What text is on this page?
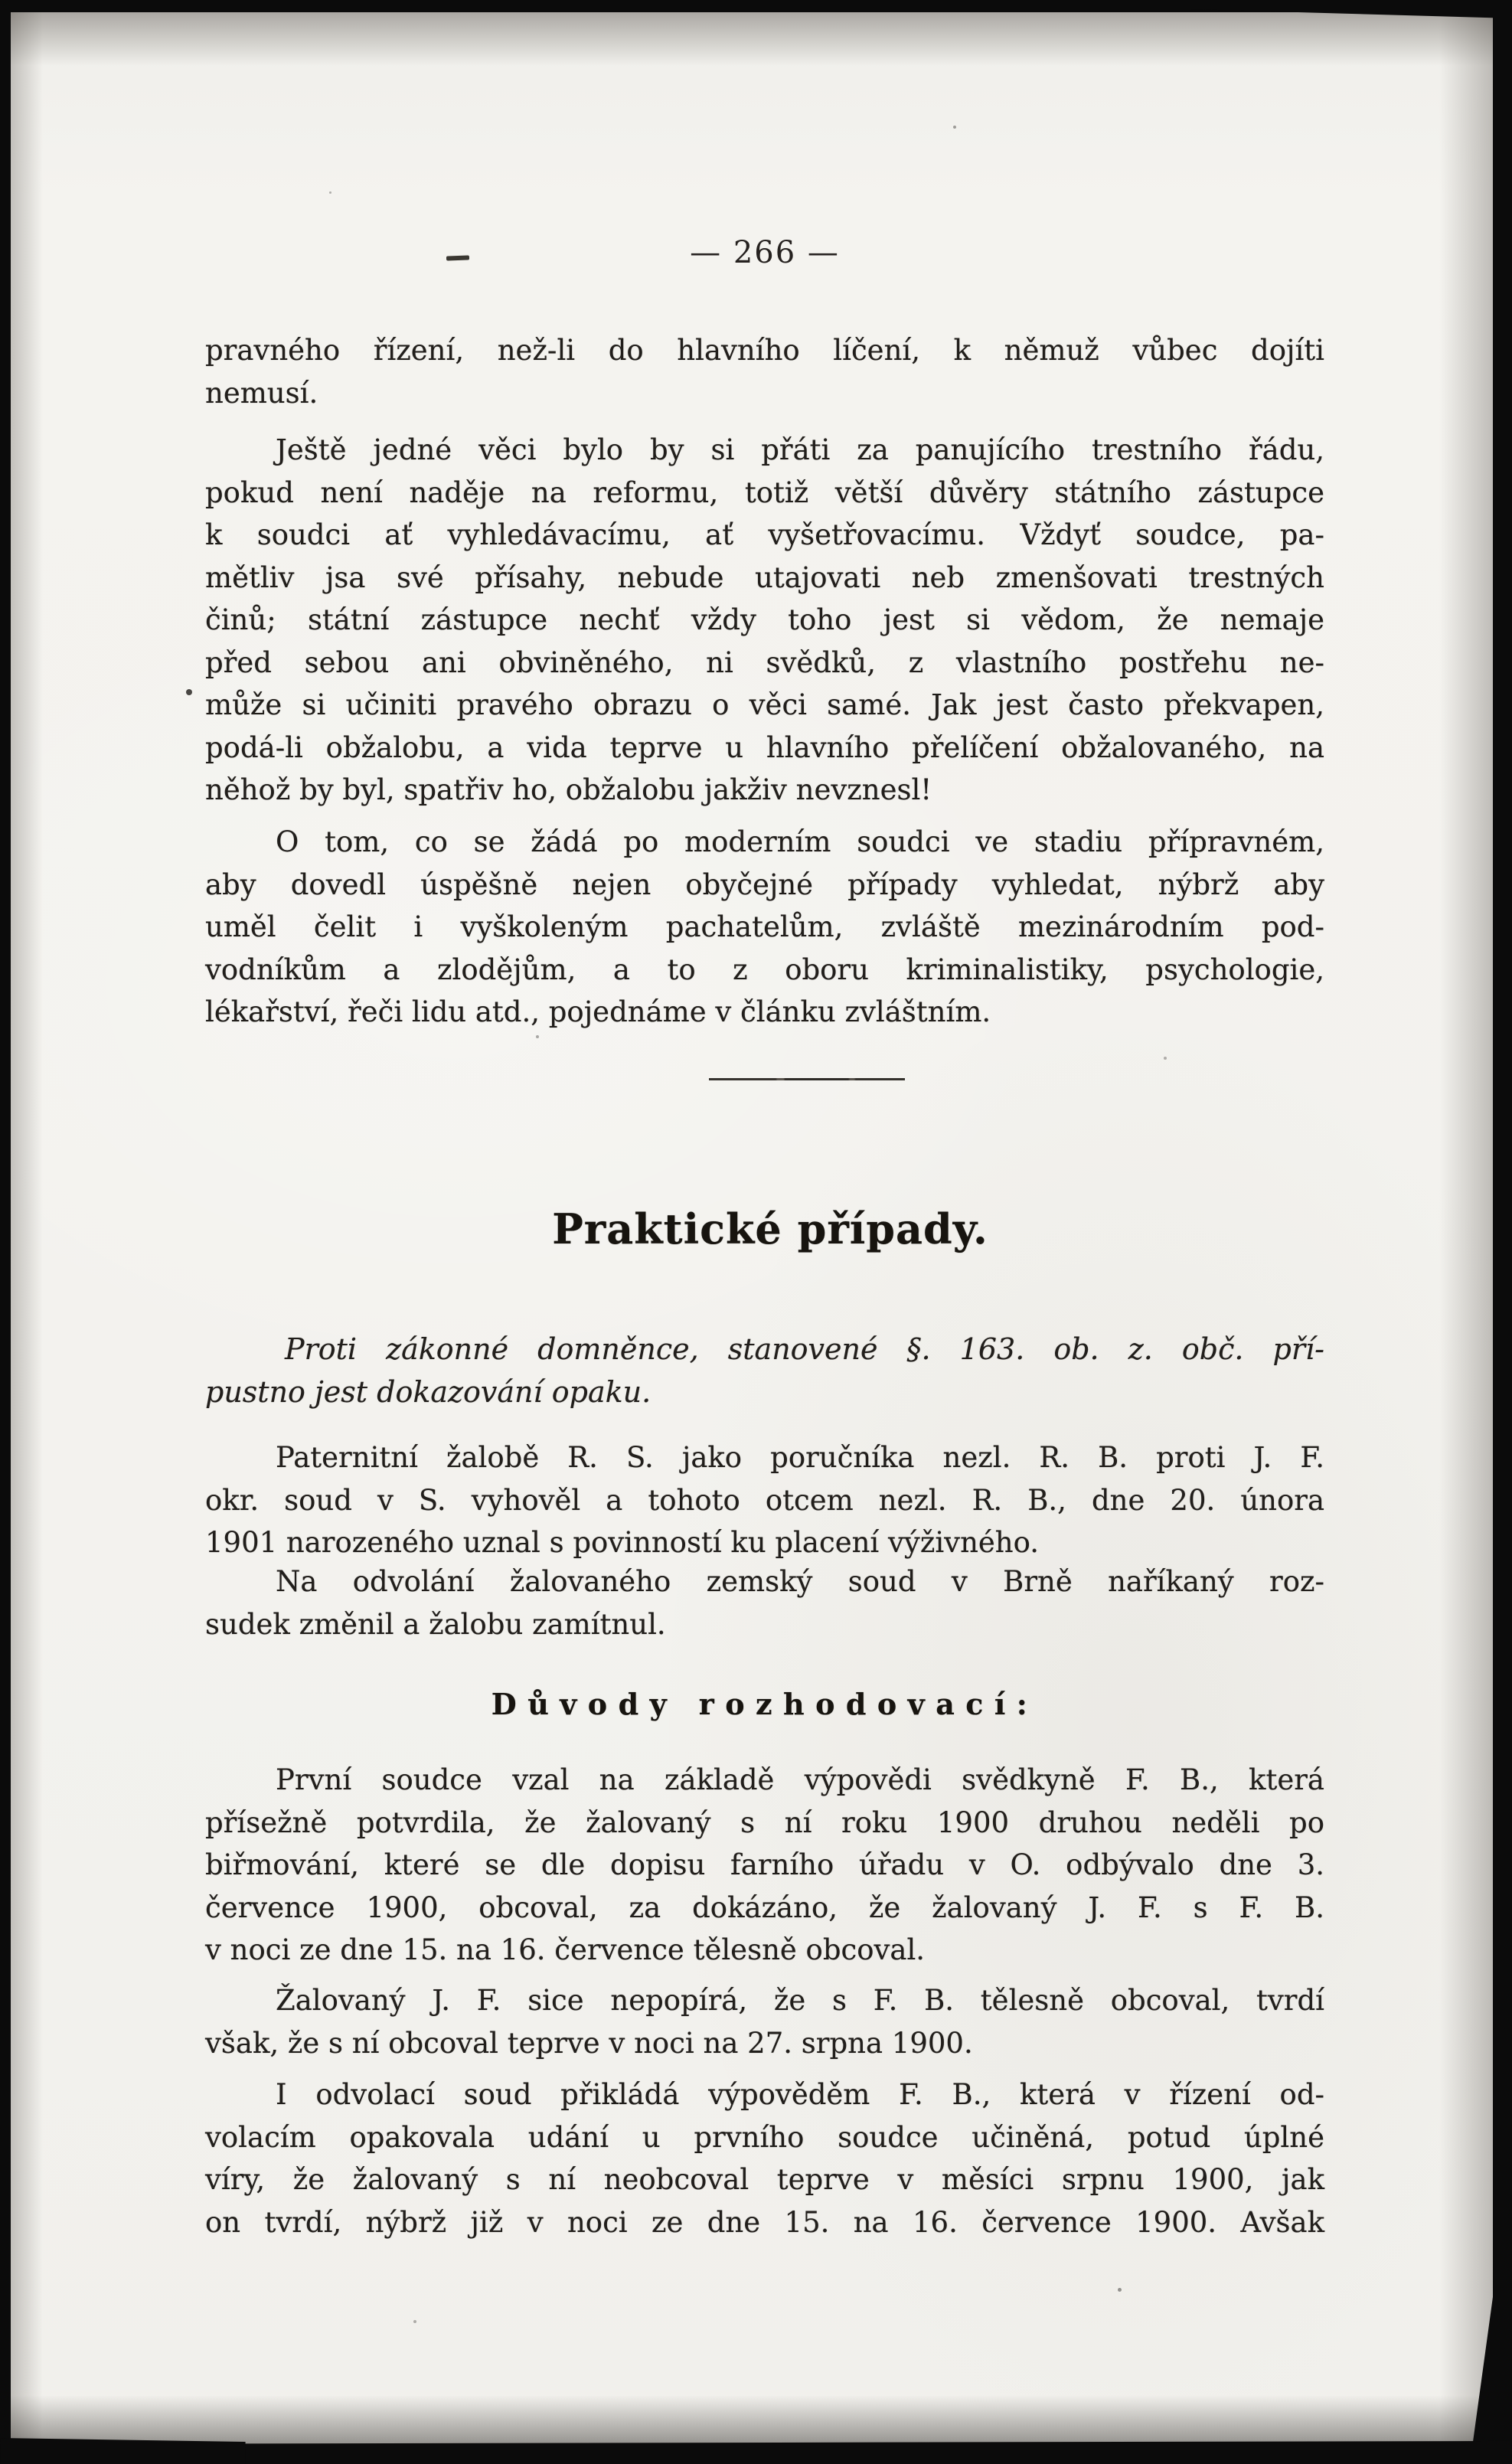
— 266 —
pravného řízení, než-li do hlavního líčení, k němuž vůbec dojíti
nemusí.
Ještě jedné věci bylo by si přáti za panujícího trestního řádu,
pokud není naděje na reformu, totiž větší důvěry státního zástupce
k soudci ať vyhledávacímu, ať vyšetřovacímu. Vždyť soudce, pa-
mětliv jsa své přísahy, nebude utajovati neb zmenšovati trestných
činů; státní zástupce nechť vždy toho jest si vědom, že nemaje
před sebou ani obviněného, ni svědků, z vlastního postřehu ne-
může si učiniti pravého obrazu o věci samé. Jak jest často překvapen,
podá-li obžalobu, a vida teprve u hlavního přelíčení obžalovaného, na
něhož by byl, spatřiv ho, obžalobu jakživ nevznesl!
O tom, co se žádá po moderním soudci ve stadiu přípravném,
aby dovedl úspěšně nejen obyčejné případy vyhledat, nýbrž aby
uměl čelit i vyškoleným pachatelům, zvláště mezinárodním pod-
vodníkům a zlodějům, a to z oboru kriminalistiky, psychologie,
lékařství, řeči lidu atd., pojednáme v článku zvláštním.
Praktické případy.
Proti zákonné domněnce, stanovené §. 163. ob. z. obč. pří-
pustno jest dokazování opaku.
Paternitní žalobě R. S. jako poručníka nezl. R. B. proti J. F.
okr. soud v S. vyhověl a tohoto otcem nezl. R. B., dne 20. února
1901 narozeného uznal s povinností ku placení výživného.
Na odvolání žalovaného zemský soud v Brně naříkaný roz-
sudek změnil a žalobu zamítnul.
Důvody rozhodovací:
První soudce vzal na základě výpovědi svědkyně F. B., která
přísežně potvrdila, že žalovaný s ní roku 1900 druhou neděli po
biřmování, které se dle dopisu farního úřadu v O. odbývalo dne 3.
července 1900, obcoval, za dokázáno, že žalovaný J. F. s F. B.
v noci ze dne 15. na 16. července tělesně obcoval.
Žalovaný J. F. sice nepopírá, že s F. B. tělesně obcoval, tvrdí
však, že s ní obcoval teprve v noci na 27. srpna 1900.
I odvolací soud přikládá výpověděm F. B., která v řízení od-
volacím opakovala udání u prvního soudce učiněná, potud úplné
víry, že žalovaný s ní neobcoval teprve v měsíci srpnu 1900, jak
on tvrdí, nýbrž již v noci ze dne 15. na 16. července 1900. Avšak
